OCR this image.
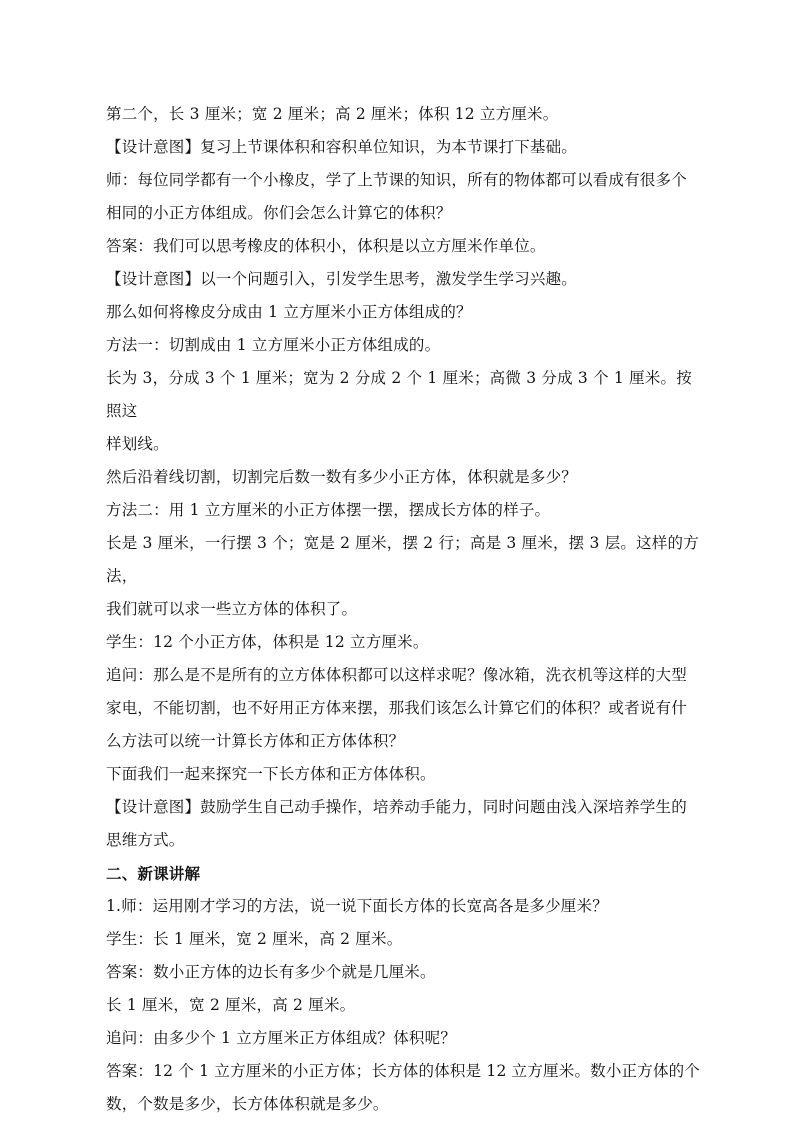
第二个，长 3 厘米；宽 2 厘米；高 2 厘米；体积 12 立方厘米。

【设计意图】复习上节课体积和容积单位知识，为本节课打下基础。

师：每位同学都有一个小橡皮，学了上节课的知识，所有的物体都可以看成有很多个

相同的小正方体组成。你们会怎么计算它的体积？

答案：我们可以思考橡皮的体积小，体积是以立方厘米作单位。

【设计意图】以一个问题引入，引发学生思考，激发学生学习兴趣。

那么如何将橡皮分成由 1 立方厘米小正方体组成的？

方法一：切割成由 1 立方厘米小正方体组成的。

长为 3，分成 3 个 1 厘米；宽为 2 分成 2 个 1 厘米；高微 3 分成 3 个 1 厘米。按照这

样划线。

然后沿着线切割，切割完后数一数有多少小正方体，体积就是多少？

方法二：用 1 立方厘米的小正方体摆一摆，摆成长方体的样子。

长是 3 厘米，一行摆 3 个；宽是 2 厘米，摆 2 行；高是 3 厘米，摆 3 层。这样的方法，

我们就可以求一些立方体的体积了。

学生：12 个小正方体，体积是 12 立方厘米。

追问：那么是不是所有的立方体体积都可以这样求呢？像冰箱，洗衣机等这样的大型

家电，不能切割，也不好用正方体来摆，那我们该怎么计算它们的体积？或者说有什

么方法可以统一计算长方体和正方体体积？

下面我们一起来探究一下长方体和正方体体积。

【设计意图】鼓励学生自己动手操作，培养动手能力，同时问题由浅入深培养学生的

思维方式。

二、新课讲解

1.师：运用刚才学习的方法，说一说下面长方体的长宽高各是多少厘米？

学生：长 1 厘米，宽 2 厘米，高 2 厘米。

答案：数小正方体的边长有多少个就是几厘米。

长 1 厘米，宽 2 厘米，高 2 厘米。

追问：由多少个 1 立方厘米正方体组成？体积呢？

答案：12 个 1 立方厘米的小正方体；长方体的体积是 12 立方厘米。数小正方体的个

数，个数是多少，长方体体积就是多少。
